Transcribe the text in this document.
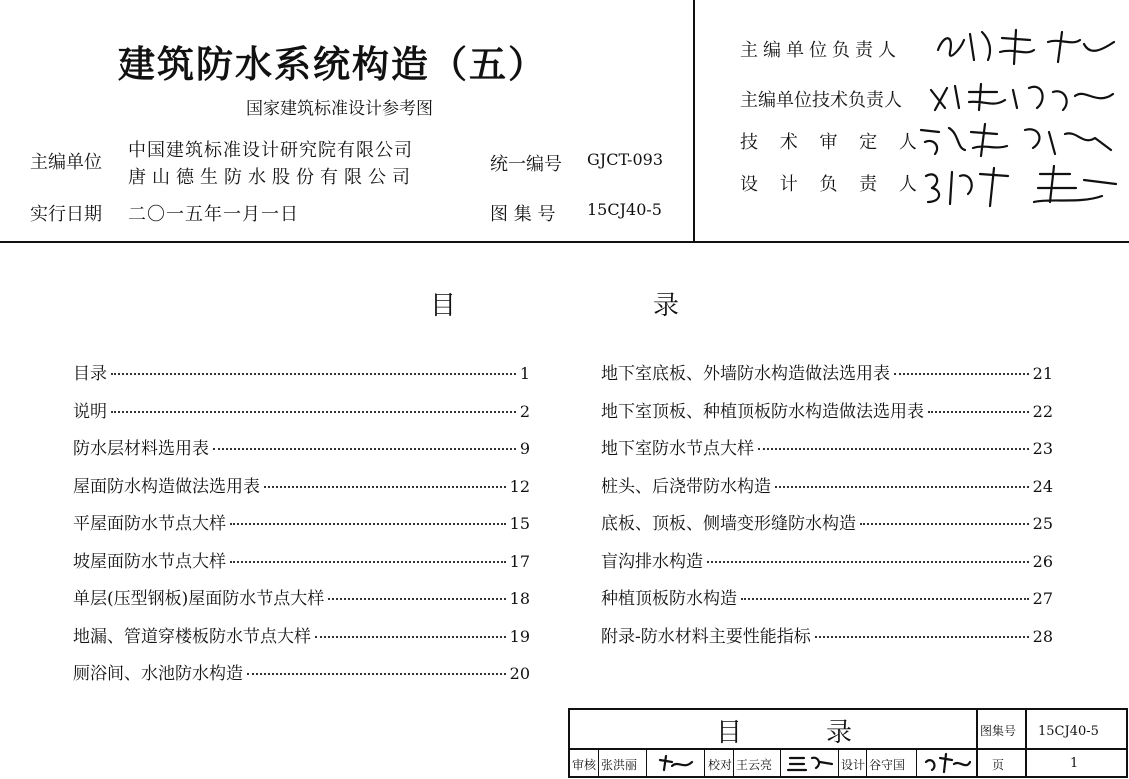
建筑防水系统构造（五）
国家建筑标准设计参考图
主编单位
中国建筑标准设计研究院有限公司
唐山德生防水股份有限公司
统一编号 GJCT-093
实行日期 二〇一五年一月一日	图 集 号 15CJ40-5
主编单位负责人
主编单位技术负责人
技 术 审 定 人
设 计 负 责 人
目	录
目录	1
说明	2
防水层材料选用表	9
屋面防水构造做法选用表	12
平屋面防水节点大样	15
坡屋面防水节点大样	17
单层(压型钢板)屋面防水节点大样	18
地漏、管道穿楼板防水节点大样	19
厕浴间、水池防水构造	20
地下室底板、外墙防水构造做法选用表	21
地下室顶板、种植顶板防水构造做法选用表	22
地下室防水节点大样	23
桩头、后浇带防水构造	24
底板、顶板、侧墙变形缝防水构造	25
盲沟排水构造	26
种植顶板防水构造	27
附录-防水材料主要性能指标	28
目	录	图集号 15CJ40-5
审核 张洪丽	校对 王云亮	设计 谷守国	页	1
